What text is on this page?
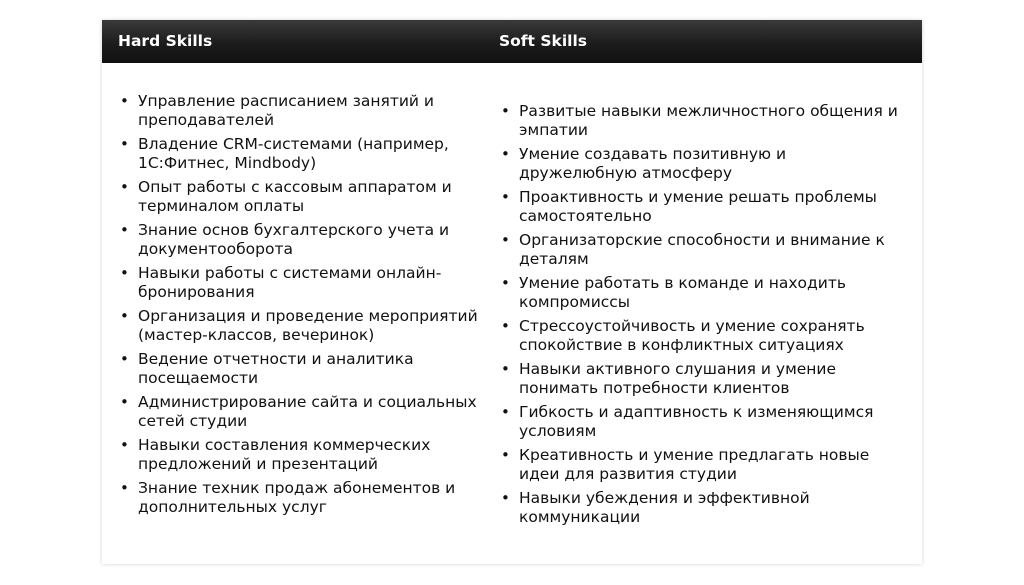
Hard Skills	Soft Skills
• Управление расписанием занятий и преподавателей
• Владение CRM-системами (например, 1С:Фитнес, Mindbody)
• Опыт работы с кассовым аппаратом и терминалом оплаты
• Знание основ бухгалтерского учета и документооборота
• Навыки работы с системами онлайн-бронирования
• Организация и проведение мероприятий (мастер-классов, вечеринок)
• Ведение отчетности и аналитика посещаемости
• Администрирование сайта и социальных сетей студии
• Навыки составления коммерческих предложений и презентаций
• Знание техник продаж абонементов и дополнительных услуг
• Развитые навыки межличностного общения и эмпатии
• Умение создавать позитивную и дружелюбную атмосферу
• Проактивность и умение решать проблемы самостоятельно
• Организаторские способности и внимание к деталям
• Умение работать в команде и находить компромиссы
• Стрессоустойчивость и умение сохранять спокойствие в конфликтных ситуациях
• Навыки активного слушания и умение понимать потребности клиентов
• Гибкость и адаптивность к изменяющимся условиям
• Креативность и умение предлагать новые идеи для развития студии
• Навыки убеждения и эффективной коммуникации
